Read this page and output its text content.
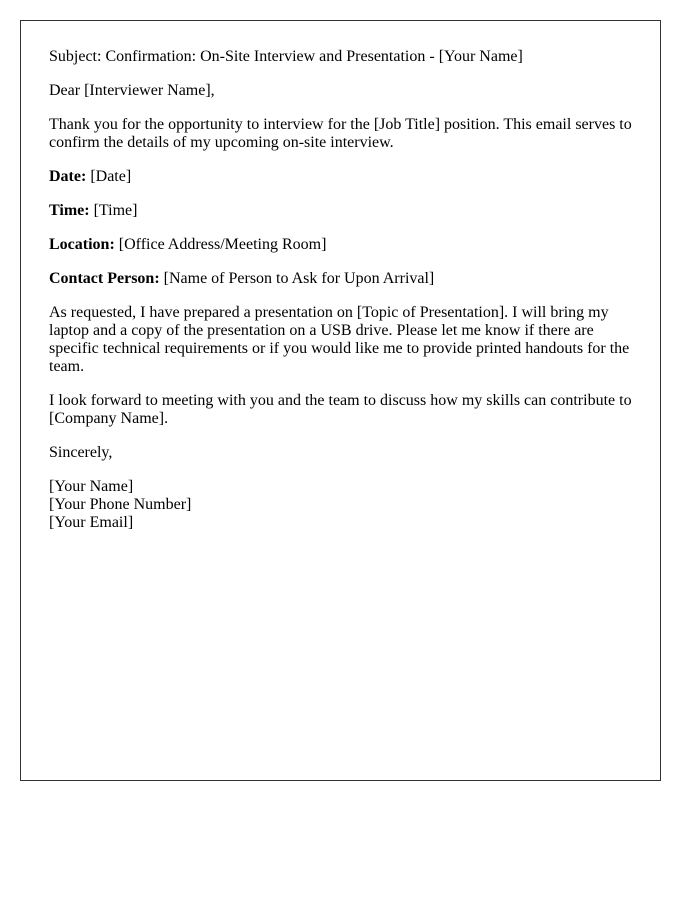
Subject: Confirmation: On-Site Interview and Presentation - [Your Name]

Dear [Interviewer Name],

Thank you for the opportunity to interview for the [Job Title] position. This email serves to confirm the details of my upcoming on-site interview.

Date: [Date]

Time: [Time]

Location: [Office Address/Meeting Room]

Contact Person: [Name of Person to Ask for Upon Arrival]

As requested, I have prepared a presentation on [Topic of Presentation]. I will bring my laptop and a copy of the presentation on a USB drive. Please let me know if there are specific technical requirements or if you would like me to provide printed handouts for the team.

I look forward to meeting with you and the team to discuss how my skills can contribute to [Company Name].

Sincerely,

[Your Name]
[Your Phone Number]
[Your Email]
